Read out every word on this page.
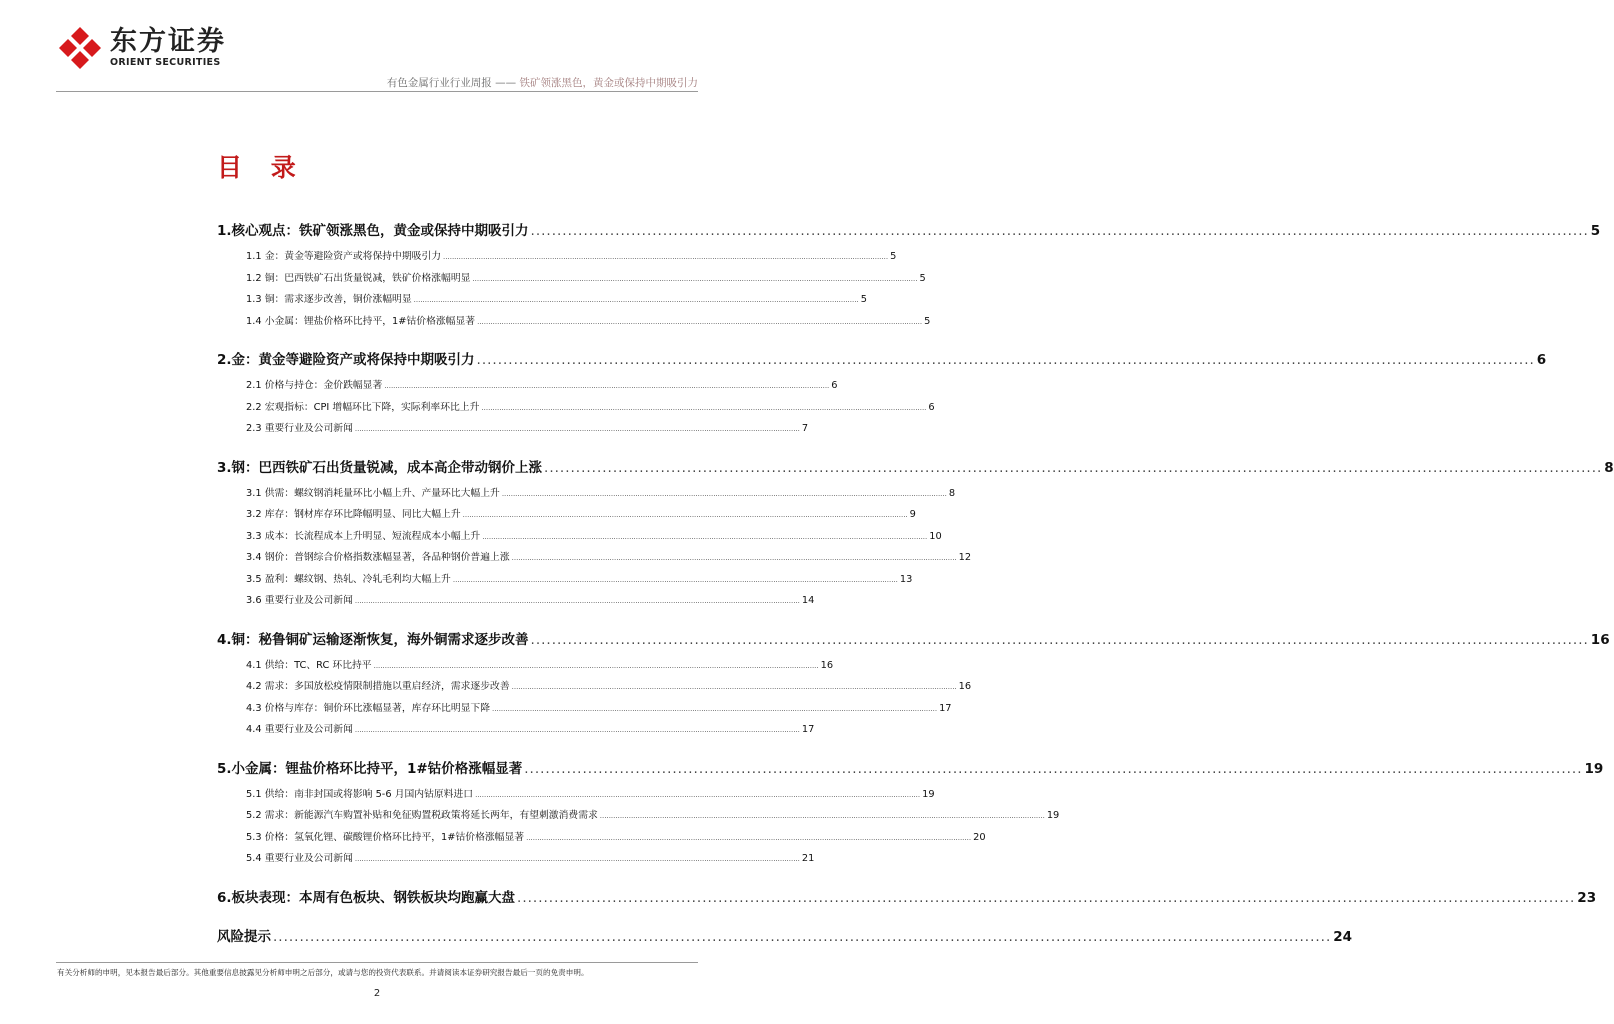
东方证券
ORIENT SECURITIES
有色金属行业行业周报 —— 铁矿领涨黑色，黄金或保持中期吸引力
目 录
1.核心观点：铁矿领涨黑色，黄金或保持中期吸引力 .....	5
1.1 金：黄金等避险资产或将保持中期吸引力 .....	5
1.2 铜：巴西铁矿石出货量锐减，铁矿价格涨幅明显 .....	5
1.3 铜：需求逐步改善，铜价涨幅明显 .....	5
1.4 小金属：锂盐价格环比持平，1#钴价格涨幅显著 .....	5
2.金：黄金等避险资产或将保持中期吸引力 .....	6
2.1 价格与持仓：金价跌幅显著 .....	6
2.2 宏观指标：CPI 增幅环比下降，实际利率环比上升 .....	6
2.3 重要行业及公司新闻 .....	7
3.钢：巴西铁矿石出货量锐减，成本高企带动钢价上涨 .....	8
3.1 供需：螺纹钢消耗量环比小幅上升、产量环比大幅上升 .....	8
3.2 库存：钢材库存环比降幅明显、同比大幅上升 .....	9
3.3 成本：长流程成本上升明显、短流程成本小幅上升 .....	10
3.4 钢价：普钢综合价格指数涨幅显著，各品种钢价普遍上涨 .....	12
3.5 盈利：螺纹钢、热轧、冷轧毛利均大幅上升 .....	13
3.6 重要行业及公司新闻 .....	14
4.铜：秘鲁铜矿运输逐渐恢复，海外铜需求逐步改善 .....	16
4.1 供给：TC、RC 环比持平 .....	16
4.2 需求：多国放松疫情限制措施以重启经济，需求逐步改善 .....	16
4.3 价格与库存：铜价环比涨幅显著，库存环比明显下降 .....	17
4.4 重要行业及公司新闻 .....	17
5.小金属：锂盐价格环比持平，1#钴价格涨幅显著 .....	19
5.1 供给：南非封国或将影响 5-6 月国内钴原料进口 .....	19
5.2 需求：新能源汽车购置补贴和免征购置税政策将延长两年，有望刺激消费需求 .....	19
5.3 价格：氢氧化锂、碳酸锂价格环比持平，1#钴价格涨幅显著 .....	20
5.4 重要行业及公司新闻 .....	21
6.板块表现：本周有色板块、钢铁板块均跑赢大盘 .....	23
风险提示 .....	24
有关分析师的申明，见本报告最后部分。其他重要信息披露见分析师申明之后部分，或请与您的投资代表联系。并请阅读本证券研究报告最后一页的免责申明。
2
